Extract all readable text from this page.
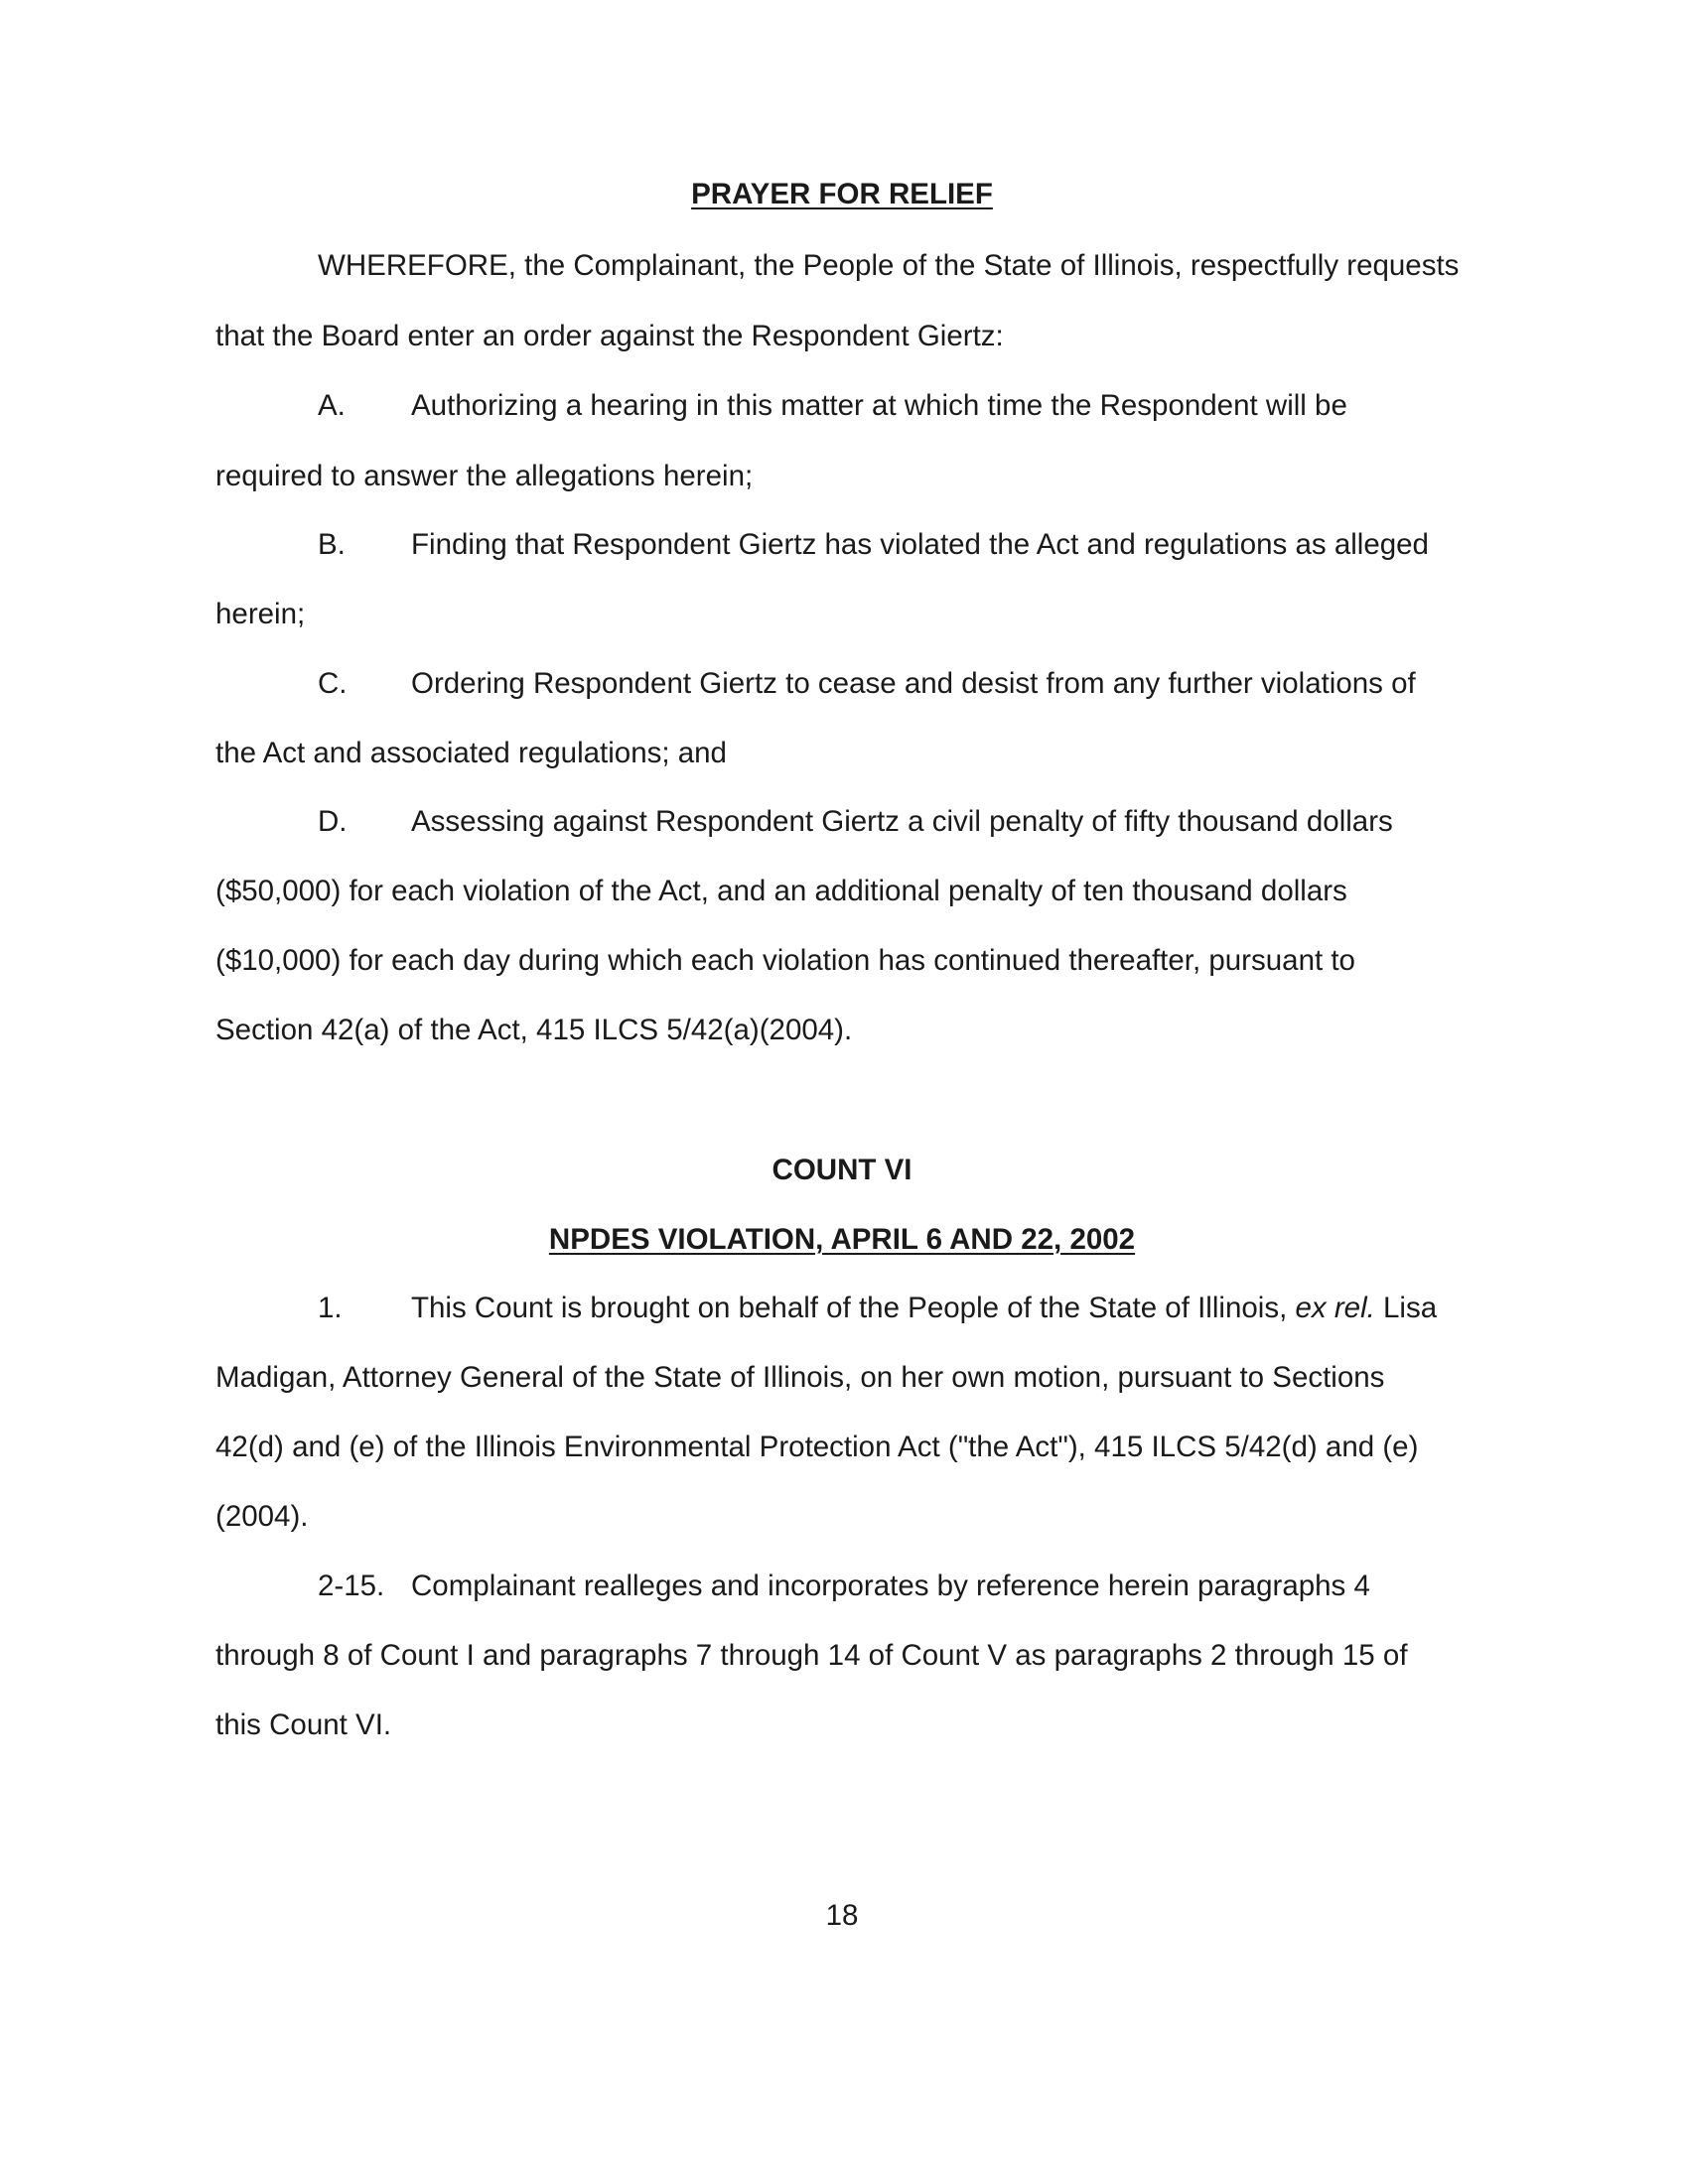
PRAYER FOR RELIEF
WHEREFORE, the Complainant, the People of the State of Illinois, respectfully requests
that the Board enter an order against the Respondent Giertz:
A. Authorizing a hearing in this matter at which time the Respondent will be
required to answer the allegations herein;
B. Finding that Respondent Giertz has violated the Act and regulations as alleged
herein;
C. Ordering Respondent Giertz to cease and desist from any further violations of
the Act and associated regulations; and
D. Assessing against Respondent Giertz a civil penalty of fifty thousand dollars
($50,000) for each violation of the Act, and an additional penalty of ten thousand dollars
($10,000) for each day during which each violation has continued thereafter, pursuant to
Section 42(a) of the Act, 415 ILCS 5/42(a)(2004).
COUNT VI
NPDES VIOLATION, APRIL 6 AND 22, 2002
1. This Count is brought on behalf of the People of the State of Illinois, ex rel. Lisa
Madigan, Attorney General of the State of Illinois, on her own motion, pursuant to Sections
42(d) and (e) of the Illinois Environmental Protection Act ("the Act"), 415 ILCS 5/42(d) and (e)
(2004).
2-15. Complainant realleges and incorporates by reference herein paragraphs 4
through 8 of Count I and paragraphs 7 through 14 of Count V as paragraphs 2 through 15 of
this Count VI.
18
